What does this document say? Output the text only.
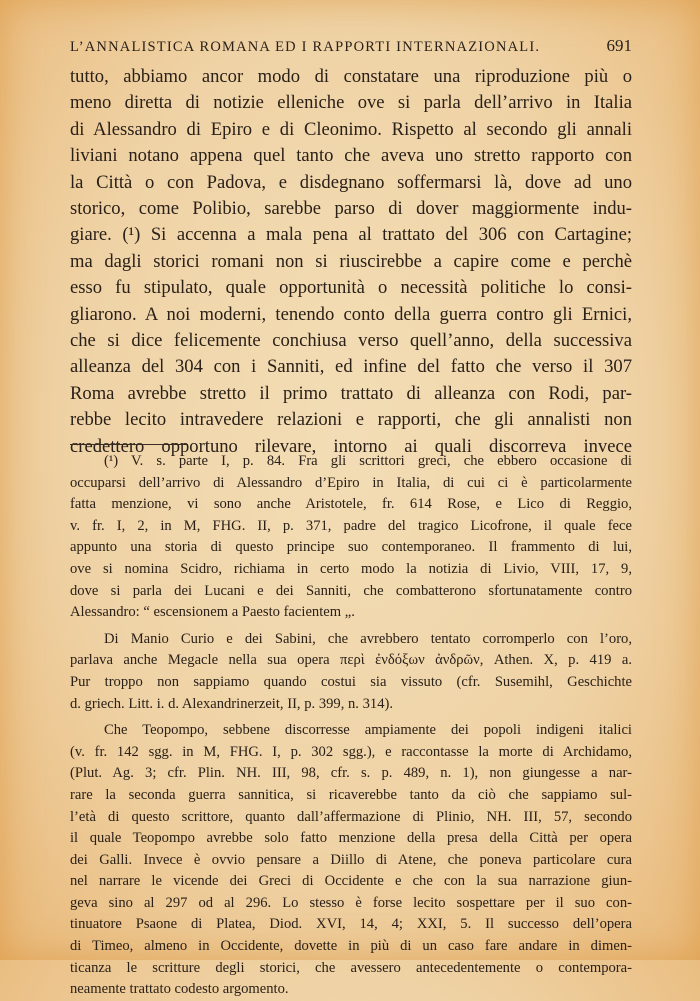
L’ANNALISTICA ROMANA ED I RAPPORTI INTERNAZIONALI.	691
tutto, abbiamo ancor modo di constatare una riproduzione più o
meno diretta di notizie elleniche ove si parla dell’arrivo in Italia
di Alessandro di Epiro e di Cleonimo. Rispetto al secondo gli annali
liviani notano appena quel tanto che aveva uno stretto rapporto con
la Città o con Padova, e disdegnano soffermarsi là, dove ad uno
storico, come Polibio, sarebbe parso di dover maggiormente indu-
giare. (¹) Si accenna a mala pena al trattato del 306 con Cartagine;
ma dagli storici romani non si riuscirebbe a capire come e perchè
esso fu stipulato, quale opportunità o necessità politiche lo consi-
gliarono. A noi moderni, tenendo conto della guerra contro gli Ernici,
che si dice felicemente conchiusa verso quell’anno, della successiva
alleanza del 304 con i Sanniti, ed infine del fatto che verso il 307
Roma avrebbe stretto il primo trattato di alleanza con Rodi, par-
rebbe lecito intravedere relazioni e rapporti, che gli annalisti non
credettero opportuno rilevare, intorno ai quali discorreva invece
(¹) V. s. parte I, p. 84. Fra gli scrittori greci, che ebbero occasione di
occuparsi dell’arrivo di Alessandro d’Epiro in Italia, di cui ci è particolarmente
fatta menzione, vi sono anche Aristotele, fr. 614 Rose, e Lico di Reggio,
v. fr. I, 2, in M, FHG. II, p. 371, padre del tragico Licofrone, il quale fece
appunto una storia di questo principe suo contemporaneo. Il frammento di lui,
ove si nomina Scidro, richiama in certo modo la notizia di Livio, VIII, 17, 9,
dove si parla dei Lucani e dei Sanniti, che combatterono sfortunatamente contro
Alessandro: “ escensionem a Paesto facientem „.
Di Manio Curio e dei Sabini, che avrebbero tentato corromperlo con l’oro,
parlava anche Megacle nella sua opera περὶ ἐνδόξων ἀνδρῶν, Athen. X, p. 419 a.
Pur troppo non sappiamo quando costui sia vissuto (cfr. Susemihl, Geschichte
d. griech. Litt. i. d. Alexandrinerzeit, II, p. 399, n. 314).
Che Teopompo, sebbene discorresse ampiamente dei popoli indigeni italici
(v. fr. 142 sgg. in M, FHG. I, p. 302 sgg.), e raccontasse la morte di Archidamo,
(Plut. Ag. 3; cfr. Plin. NH. III, 98, cfr. s. p. 489, n. 1), non giungesse a nar-
rare la seconda guerra sannitica, si ricaverebbe tanto da ciò che sappiamo sul-
l’età di questo scrittore, quanto dall’affermazione di Plinio, NH. III, 57, secondo
il quale Teopompo avrebbe solo fatto menzione della presa della Città per opera
dei Galli. Invece è ovvio pensare a Diillo di Atene, che poneva particolare cura
nel narrare le vicende dei Greci di Occidente e che con la sua narrazione giun-
geva sino al 297 od al 296. Lo stesso è forse lecito sospettare per il suo con-
tinuatore Psaone di Platea, Diod. XVI, 14, 4; XXI, 5. Il successo dell’opera
di Timeo, almeno in Occidente, dovette in più di un caso fare andare in dimen-
ticanza le scritture degli storici, che avessero antecedentemente o contempora-
neamente trattato codesto argomento.
